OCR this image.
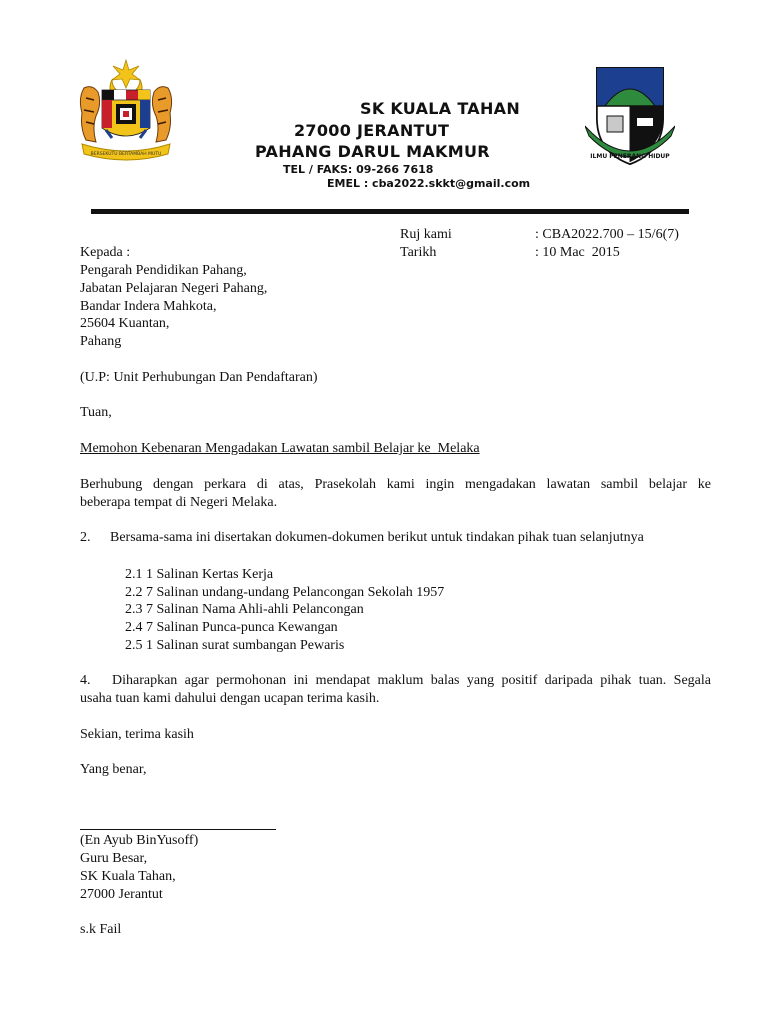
BERSEKUTU BERTAMBAH MUTU	ILMU PENERANG HIDUP
SK KUALA TAHAN
27000 JERANTUT
PAHANG DARUL MAKMUR
TEL / FAKS: 09-266 7618
EMEL : cba2022.skkt@gmail.com
Ruj kami	: CBA2022.700 – 15/6(7)
Tarikh	: 10 Mac  2015
Kepada :
Pengarah Pendidikan Pahang,
Jabatan Pelajaran Negeri Pahang,
Bandar Indera Mahkota,
25604 Kuantan,
Pahang
(U.P: Unit Perhubungan Dan Pendaftaran)
Tuan,
Memohon Kebenaran Mengadakan Lawatan sambil Belajar ke  Melaka
Berhubung dengan perkara di atas, Prasekolah kami ingin mengadakan lawatan sambil belajar ke
beberapa tempat di Negeri Melaka.
2. Bersama-sama ini disertakan dokumen-dokumen berikut untuk tindakan pihak tuan selanjutnya
2.1 1 Salinan Kertas Kerja
2.2 7 Salinan undang-undang Pelancongan Sekolah 1957
2.3 7 Salinan Nama Ahli-ahli Pelancongan
2.4 7 Salinan Punca-punca Kewangan
2.5 1 Salinan surat sumbangan Pewaris
4. Diharapkan agar permohonan ini mendapat maklum balas yang positif daripada pihak tuan. Segala
usaha tuan kami dahului dengan ucapan terima kasih.
Sekian, terima kasih
Yang benar,
(En Ayub BinYusoff)
Guru Besar,
SK Kuala Tahan,
27000 Jerantut
s.k Fail
